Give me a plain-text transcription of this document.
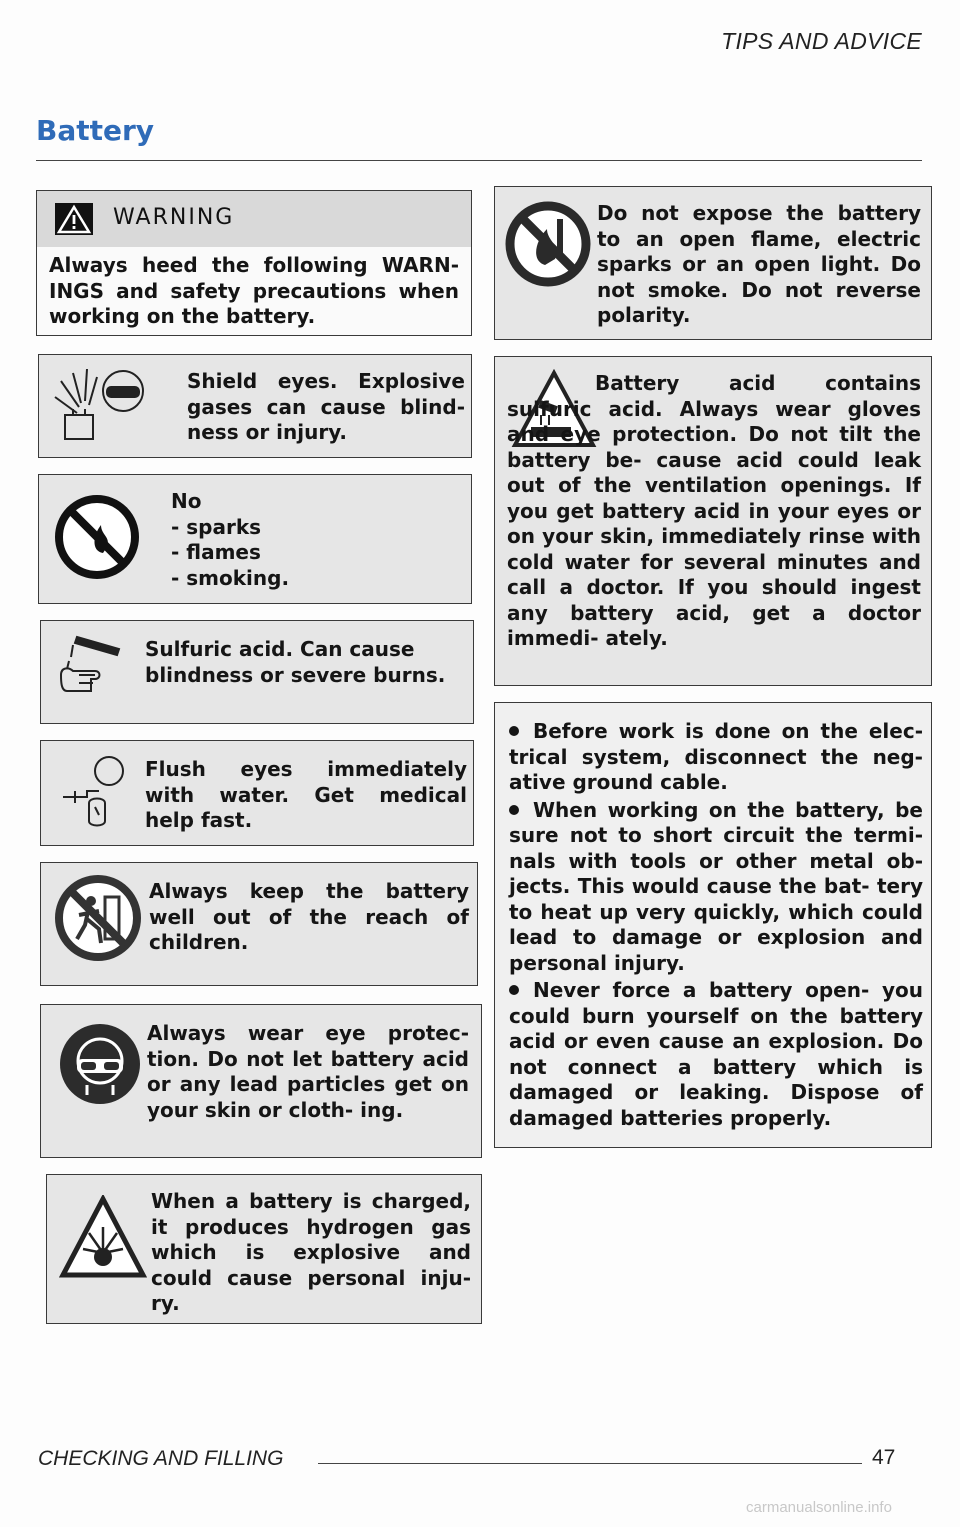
TIPS AND ADVICE
Battery
WARNING
Always heed the following WARN- INGS and safety precautions when working on the battery.
Shield eyes. Explosive gases can cause blind- ness or injury.
No
- sparks
- flames
- smoking.
Sulfuric acid. Can cause blindness or severe burns.
Flush eyes immediately with water. Get medical help fast.
Always keep the battery well out of the reach of children.
Always wear eye protec- tion. Do not let battery acid or any lead particles get on your skin or cloth- ing.
When a battery is charged, it produces hydrogen gas which is explosive and could cause personal inju- ry.
Do not expose the battery to an open flame, electric sparks or an open light. Do not smoke. Do not reverse polarity.
Battery acid contains sulfuric acid. Always wear gloves and eye protection. Do not tilt the battery be- cause acid could leak out of the ventilation openings. If you get battery acid in your eyes or on your skin, immediately rinse with cold water for several minutes and call a doctor. If you should ingest any battery acid, get a doctor immedi- ately.

Before work is done on the elec- trical system, disconnect the neg- ative ground cable.

When working on the battery, be sure not to short circuit the termi- nals with tools or other metal ob- jects. This would cause the bat- tery to heat up very quickly, which could lead to damage or explosion and personal injury.

Never force a battery open- you could burn yourself on the battery acid or even cause an explosion. Do not connect a battery which is damaged or leaking. Dispose of damaged batteries properly.

CHECKING AND FILLING	47
carmanualsonline.info
